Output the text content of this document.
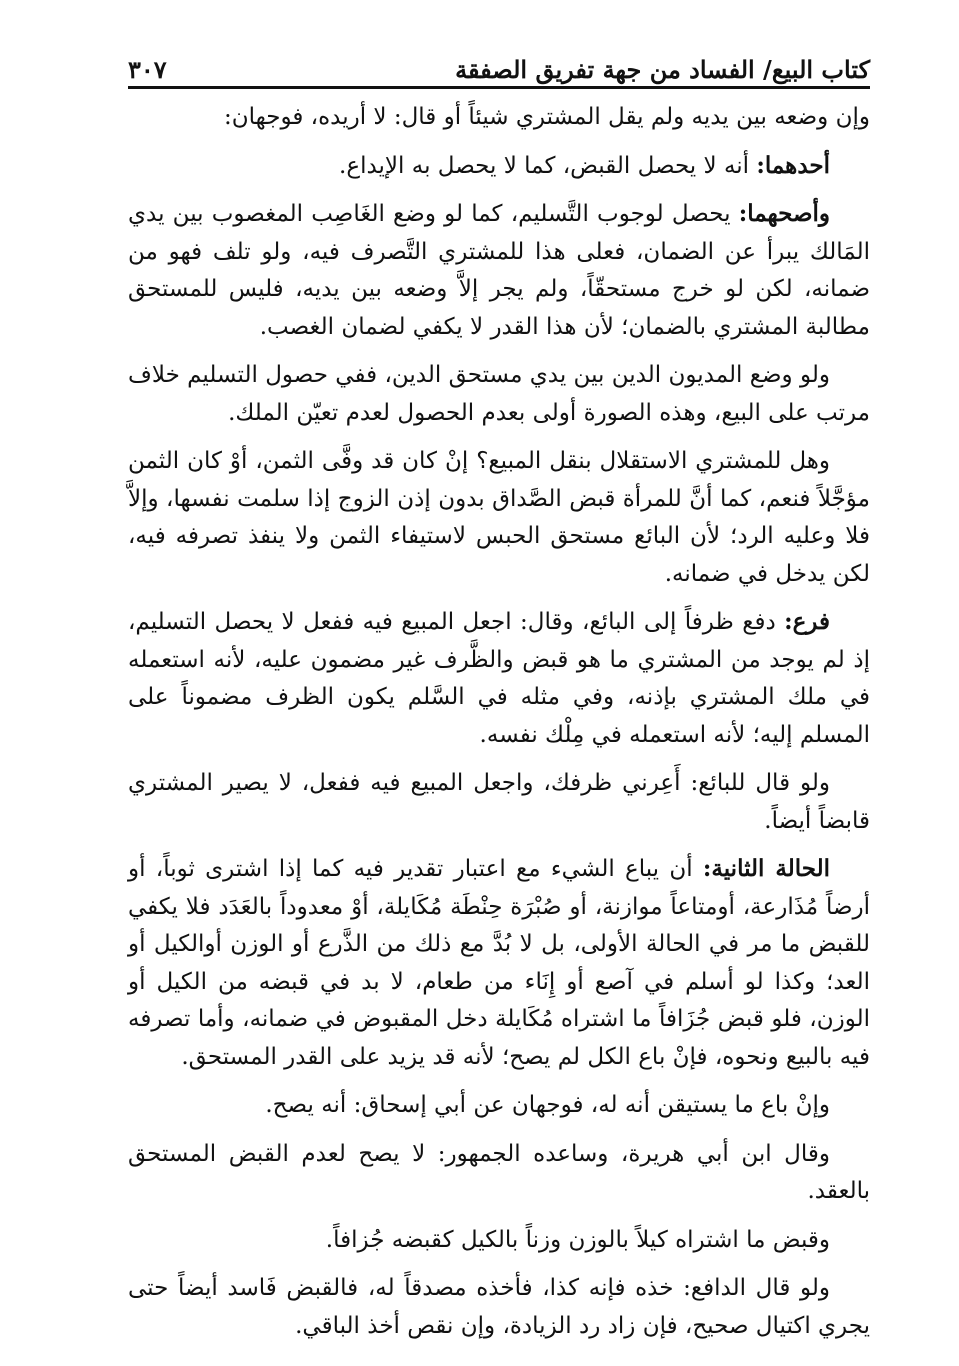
كتاب البيع/ الفساد من جهة تفريق الصفقة
٣٠٧

وإن وضعه بين يديه ولم يقل المشتري شيئاً أو قال: لا أريده، فوجهان:

أحدهما: أنه لا يحصل القبض، كما لا يحصل به الإيداع.

وأصحهما: يحصل لوجوب التَّسليم، كما لو وضع الغَاصِب المغصوب بين يدي المَالك يبرأ عن الضمان، فعلى هذا للمشتري التَّصرف فيه، ولو تلف فهو من ضمانه، لكن لو خرج مستحقّاً، ولم يجر إلاَّ وضعه بين يديه، فليس للمستحق مطالبة المشتري بالضمان؛ لأن هذا القدر لا يكفي لضمان الغصب.

ولو وضع المديون الدين بين يدي مستحق الدين، ففي حصول التسليم خلاف مرتب على البيع، وهذه الصورة أولى بعدم الحصول لعدم تعيّن الملك.

وهل للمشتري الاستقلال بنقل المبيع؟ إنْ كان قد وفَّى الثمن، أوْ كان الثمن مؤجَّلاً فنعم، كما أنَّ للمرأة قبض الصَّداق بدون إذن الزوج إذا سلمت نفسها، وإلاَّ فلا وعليه الرد؛ لأن البائع مستحق الحبس لاستيفاء الثمن ولا ينفذ تصرفه فيه، لكن يدخل في ضمانه.

فرع: دفع ظرفاً إلى البائع، وقال: اجعل المبيع فيه ففعل لا يحصل التسليم، إذ لم يوجد من المشتري ما هو قبض والظَّرف غير مضمون عليه، لأنه استعمله في ملك المشتري بإذنه، وفي مثله في السَّلم يكون الظرف مضموناً على المسلم إليه؛ لأنه استعمله في مِلْك نفسه.

ولو قال للبائع: أَعِرني ظرفك، واجعل المبيع فيه ففعل، لا يصير المشتري قابضاً أيضاً.

الحالة الثانية: أن يباع الشيء مع اعتبار تقدير فيه كما إذا اشترى ثوباً، أو أرضاً مُذَارعة، أومتاعاً موازنة، أو صُبْرَة حِنْطَة مُكَايلة، أوْ معدوداً بالعَدَد فلا يكفي للقبض ما مر في الحالة الأولى، بل لا بُدَّ مع ذلك من الذَّرع أو الوزن أوالكيل أو العد؛ وكذا لو أسلم في آصع أو إِنَاء من طعام، لا بد في قبضه من الكيل أو الوزن، فلو قبض جُزَافاً ما اشتراه مُكَايلة دخل المقبوض في ضمانه، وأما تصرفه فيه بالبيع ونحوه، فإنْ باع الكل لم يصح؛ لأنه قد يزيد على القدر المستحق.

وإنْ باع ما يستيقن أنه له، فوجهان عن أبي إسحاق: أنه يصح.

وقال ابن أبي هريرة، وساعده الجمهور: لا يصح لعدم القبض المستحق بالعقد.

وقبض ما اشتراه كيلاً بالوزن وزناً بالكيل كقبضه جُزافاً.

ولو قال الدافع: خذه فإنه كذا، فأخذه مصدقاً له، فالقبض فَاسد أيضاً حتى يجري اكتيال صحيح، فإن زاد رد الزيادة، وإن نقص أخذ الباقي.
